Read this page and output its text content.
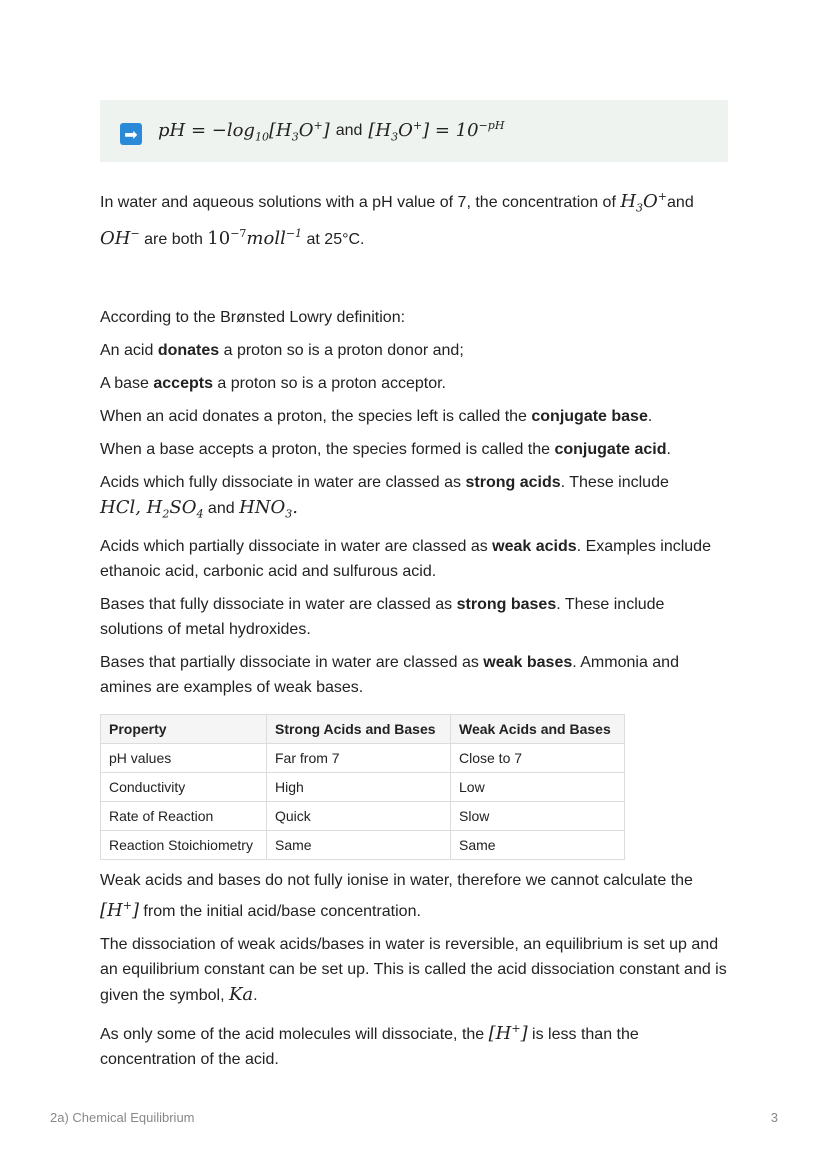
➡ pH = $-\log_{10}[H_3O^+]$ and $[H_3O^+] = 10^{-pH}$

In water and aqueous solutions with a pH value of 7, the concentration of $H_3O^+and$
OH− are both $10^{-7}moll^{-1}$ at 25°C.

According to the Brønsted Lowry definition:

An acid donates a proton so is a proton donor and;

A base accepts a proton so is a proton acceptor.

When an acid donates a proton, the species left is called the conjugate base.

When a base accepts a proton, the species formed is called the conjugate acid.

Acids which fully dissociate in water are classed as strong acids. These include
HCl, $H_2SO_4$ and $HNO_3$.

Acids which partially dissociate in water are classed as weak acids. Examples include ethanoic acid, carbonic acid and sulfurous acid.

Bases that fully dissociate in water are classed as strong bases. These include solutions of metal hydroxides.

Bases that partially dissociate in water are classed as weak bases. Ammonia and amines are examples of weak bases.

Property	Strong Acids and Bases	Weak Acids and Bases
pH values	Far from 7	Close to 7
Conductivity	High	Low
Rate of Reaction	Quick	Slow
Reaction Stoichiometry	Same	Same

Weak acids and bases do not fully ionise in water, therefore we cannot calculate the [H+] from the initial acid/base concentration.

The dissociation of weak acids/bases in water is reversible, an equilibrium is set up and an equilibrium constant can be set up. This is called the acid dissociation constant and is given the symbol, Ka.

As only some of the acid molecules will dissociate, the [H+] is less than the concentration of the acid.

2a) Chemical Equilibrium	3
